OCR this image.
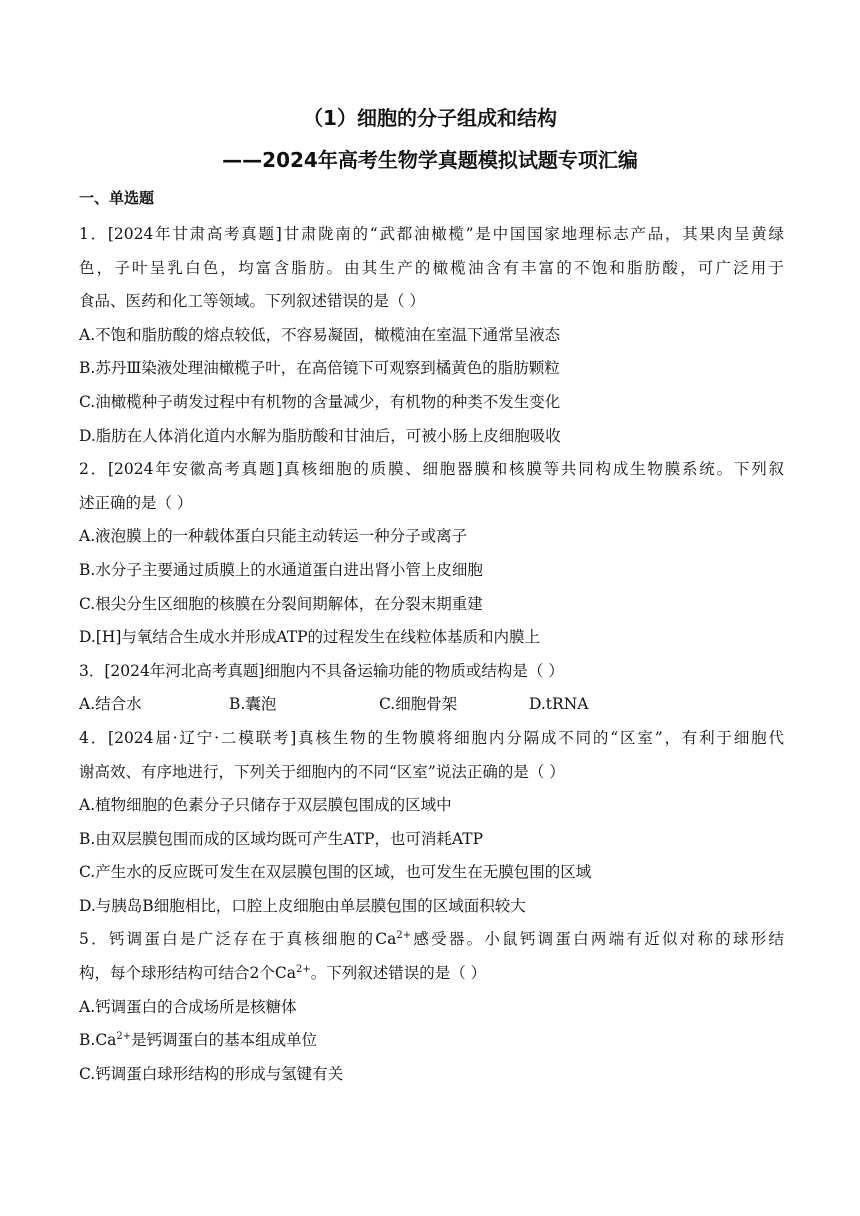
（1）细胞的分子组成和结构
——2024年高考生物学真题模拟试题专项汇编
一、单选题
1．[2024年甘肃高考真题]甘肃陇南的“武都油橄榄”是中国国家地理标志产品，其果肉呈黄绿
色，子叶呈乳白色，均富含脂肪。由其生产的橄榄油含有丰富的不饱和脂肪酸，可广泛用于
食品、医药和化工等领域。下列叙述错误的是（ ）
A.不饱和脂肪酸的熔点较低，不容易凝固，橄榄油在室温下通常呈液态
B.苏丹Ⅲ染液处理油橄榄子叶，在高倍镜下可观察到橘黄色的脂肪颗粒
C.油橄榄种子萌发过程中有机物的含量减少，有机物的种类不发生变化
D.脂肪在人体消化道内水解为脂肪酸和甘油后，可被小肠上皮细胞吸收
2．[2024年安徽高考真题]真核细胞的质膜、细胞器膜和核膜等共同构成生物膜系统。下列叙
述正确的是（ ）
A.液泡膜上的一种载体蛋白只能主动转运一种分子或离子
B.水分子主要通过质膜上的水通道蛋白进出肾小管上皮细胞
C.根尖分生区细胞的核膜在分裂间期解体，在分裂末期重建
D.[H]与氧结合生成水并形成ATP的过程发生在线粒体基质和内膜上
3．[2024年河北高考真题]细胞内不具备运输功能的物质或结构是（ ）
A.结合水	B.囊泡	C.细胞骨架	D.tRNA
4．[2024届·辽宁·二模联考]真核生物的生物膜将细胞内分隔成不同的“区室”，有利于细胞代
谢高效、有序地进行，下列关于细胞内的不同“区室”说法正确的是（ ）
A.植物细胞的色素分子只储存于双层膜包围成的区域中
B.由双层膜包围而成的区域均既可产生ATP，也可消耗ATP
C.产生水的反应既可发生在双层膜包围的区域，也可发生在无膜包围的区域
D.与胰岛B细胞相比，口腔上皮细胞由单层膜包围的区域面积较大
5．钙调蛋白是广泛存在于真核细胞的$Ca^{2+}$感受器。小鼠钙调蛋白两端有近似对称的球形结
构，每个球形结构可结合2个$Ca^{2+}$。下列叙述错误的是（ ）
A.钙调蛋白的合成场所是核糖体
$B.Ca^{2+}$是钙调蛋白的基本组成单位
C.钙调蛋白球形结构的形成与氢键有关
